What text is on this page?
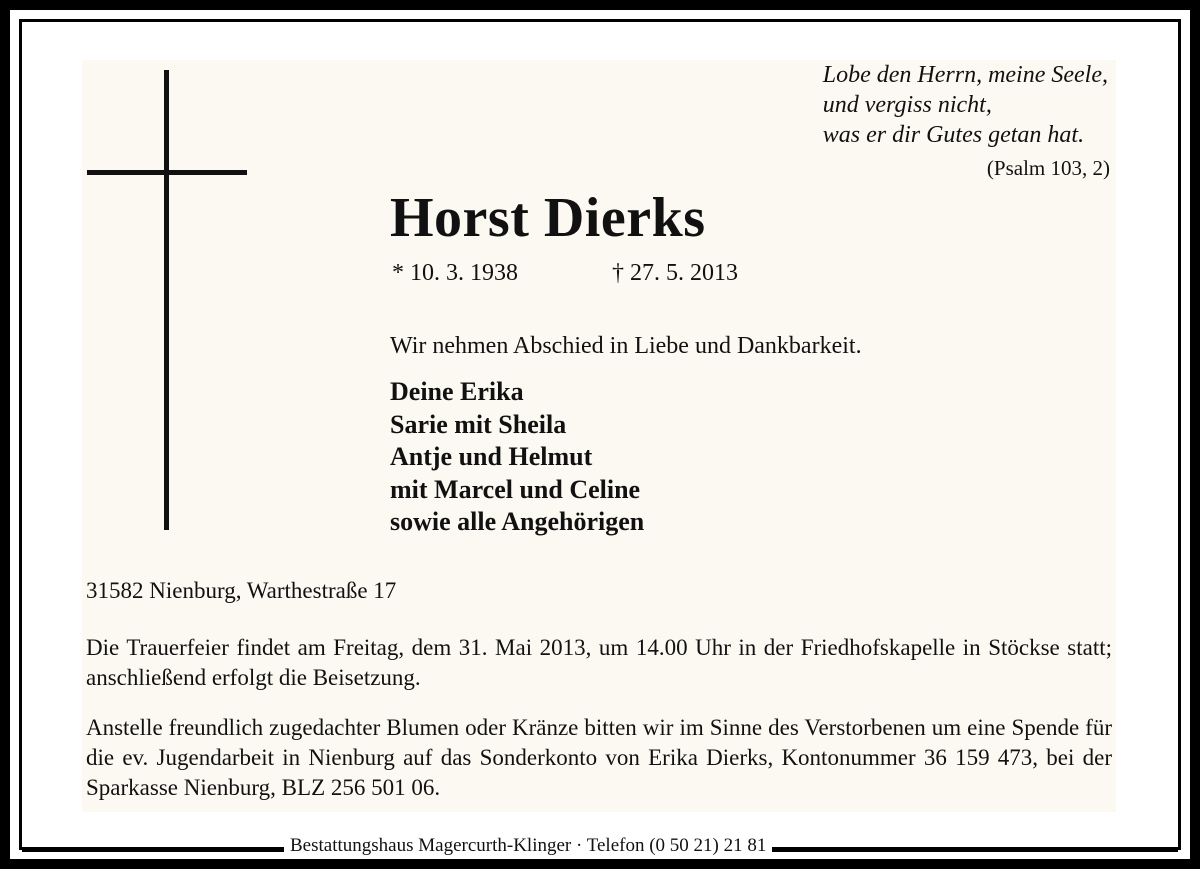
Lobe den Herrn, meine Seele,
und vergiss nicht,
was er dir Gutes getan hat.
(Psalm 103, 2)
Horst Dierks
* 10. 3. 1938	† 27. 5. 2013
Wir nehmen Abschied in Liebe und Dankbarkeit.
Deine Erika
Sarie mit Sheila
Antje und Helmut
mit Marcel und Celine
sowie alle Angehörigen
31582 Nienburg, Warthestraße 17
Die Trauerfeier findet am Freitag, dem 31. Mai 2013, um 14.00 Uhr in der Friedhofskapelle in Stöckse statt; anschließend erfolgt die Beisetzung.
Anstelle freundlich zugedachter Blumen oder Kränze bitten wir im Sinne des Verstorbenen um eine Spende für die ev. Jugendarbeit in Nienburg auf das Sonderkonto von Erika Dierks, Kontonummer 36 159 473, bei der Sparkasse Nienburg, BLZ 256 501 06.
Bestattungshaus Magercurth-Klinger · Telefon (0 50 21) 21 81
